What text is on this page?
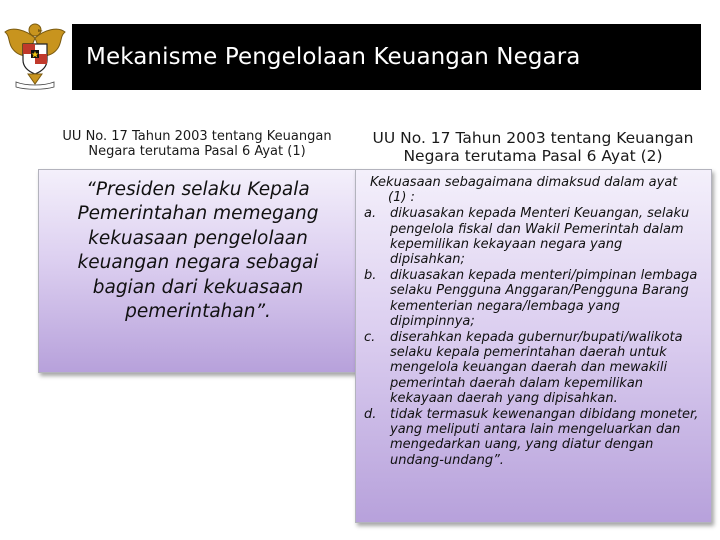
Mekanisme Pengelolaan Keuangan Negara
UU No. 17 Tahun 2003 tentang Keuangan Negara terutama Pasal 6 Ayat (1)
UU No. 17 Tahun 2003 tentang Keuangan Negara terutama Pasal 6 Ayat (2)
“Presiden selaku Kepala Pemerintahan memegang kekuasaan pengelolaan keuangan negara sebagai bagian dari kekuasaan pemerintahan”.

Kekuasaan sebagaimana dimaksud dalam ayat (1) :

a. dikuasakan kepada Menteri Keuangan, selaku pengelola fiskal dan Wakil Pemerintah dalam kepemilikan kekayaan negara yang dipisahkan;
b. dikuasakan kepada menteri/pimpinan lembaga selaku Pengguna Anggaran/Pengguna Barang kementerian negara/lembaga yang dipimpinnya;
c. diserahkan kepada gubernur/bupati/walikota selaku kepala pemerintahan daerah untuk mengelola keuangan daerah dan mewakili pemerintah daerah dalam kepemilikan kekayaan daerah yang dipisahkan.
d. tidak termasuk kewenangan dibidang moneter, yang meliputi antara lain mengeluarkan dan mengedarkan uang, yang diatur dengan undang-undang”.
